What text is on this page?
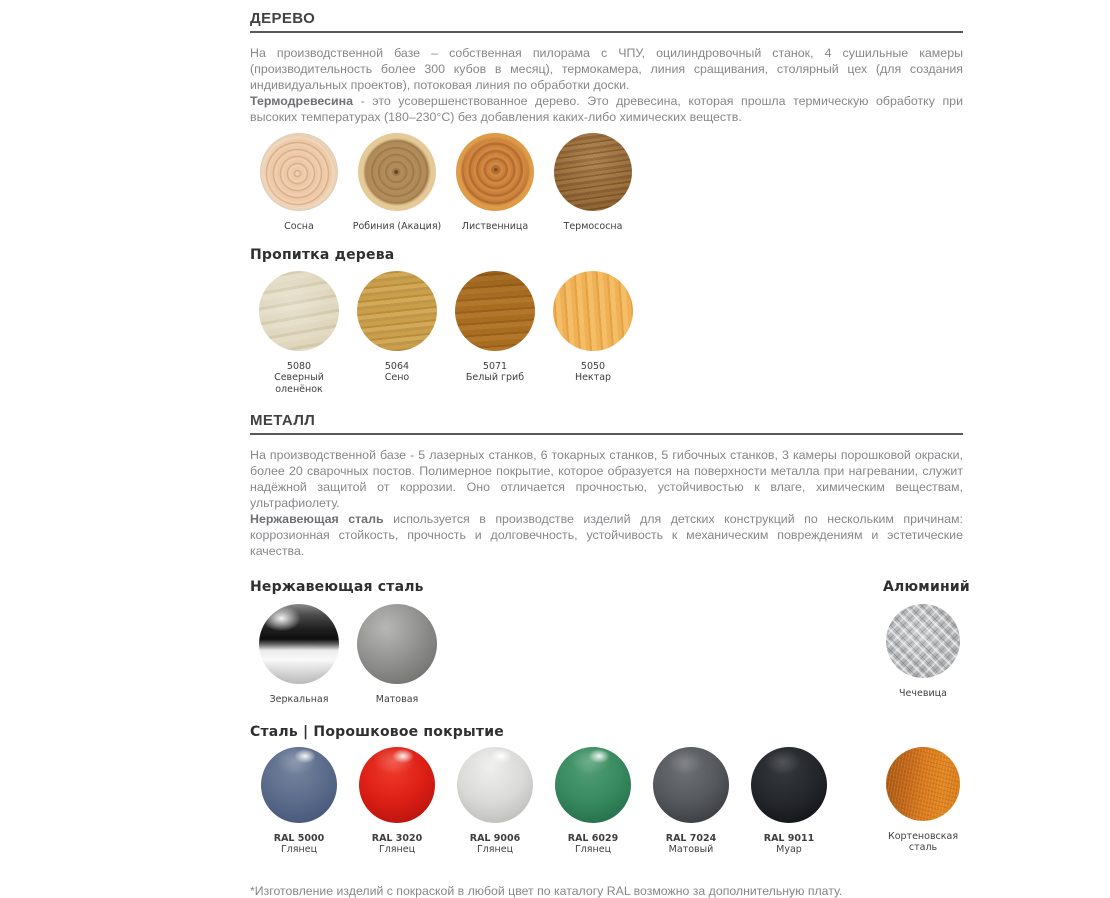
ДЕРЕВО

На производственной базе – собственная пилорама с ЧПУ, оцилиндровочный станок, 4 сушильные камеры (производительность более 300 кубов в месяц), термокамера, линия сращивания, столярный цех (для создания индивидуальных проектов), потоковая линия по обработки доски.

Термодревесина - это усовершенствованное дерево. Это древесина, которая прошла термическую обработку при высоких температурах (180–230°С) без добавления каких-либо химических веществ.

Сосна	Робиния (Акация) Лиственница	Термососна
Пропитка дерева
5080
Северный оленёнок
5064
Сено
5071
Белый гриб
5050
Нектар
МЕТАЛЛ

На производственной базе - 5 лазерных станков, 6 токарных станков, 5 гибочных станков, 3 камеры порошковой окраски, более 20 сварочных постов. Полимерное покрытие, которое образуется на поверхности металла при нагревании, служит надёжной защитой от коррозии. Оно отличается прочностью, устойчивостью к влаге, химическим веществам, ультрафиолету.

Нержавеющая сталь используется в производстве изделий для детских конструкций по нескольким причинам: коррозионная стойкость, прочность и долговечность, устойчивость к механическим повреждениям и эстетические качества.

Нержавеющая сталь	Алюминий
Зеркальная	Матовая
Чечевица
Сталь | Порошковое покрытие
RAL 5000
Глянец
RAL 3020
Глянец
RAL 9006
Глянец
RAL 6029
Глянец
RAL 7024
Матовый
RAL 9011
Муар
Кортеновская сталь
*Изготовление изделий с покраской в любой цвет по каталогу RAL возможно за дополнительную плату.
